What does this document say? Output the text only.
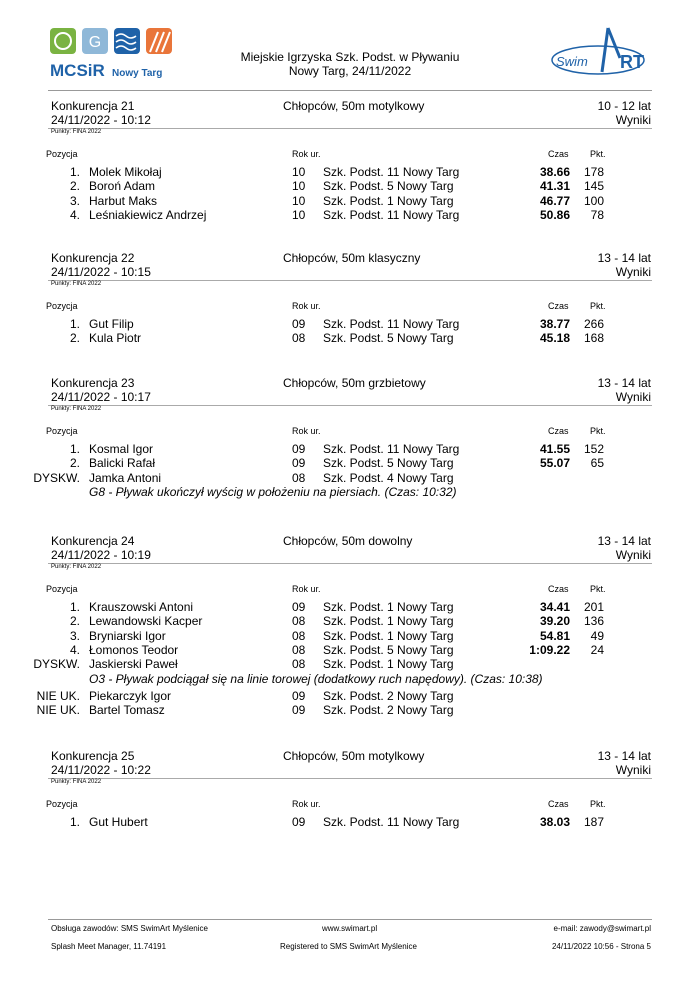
G
MCSiR Nowy Targ
Miejskie Igrzyska Szk. Podst. w Pływaniu
Nowy Targ, 24/11/2022
Swim RT
Konkurencja 21
24/11/2022 - 10:12
Chłopców, 50m motylkowy	10 - 12 lat
Wyniki
Punkty: FINA 2022
Pozycja	Rok ur.	Czas Pkt.
1. Molek Mikołaj	10 Szk. Podst. 11 Nowy Targ	38.66 178
2. Boroń Adam	10 Szk. Podst. 5 Nowy Targ	41.31 145
3. Harbut Maks	10 Szk. Podst. 1 Nowy Targ	46.77 100
4. Leśniakiewicz Andrzej	10 Szk. Podst. 11 Nowy Targ	50.86 78
Konkurencja 22
24/11/2022 - 10:15
Chłopców, 50m klasyczny	13 - 14 lat
Wyniki
Punkty: FINA 2022
Pozycja	Rok ur.	Czas Pkt.
1. Gut Filip	09 Szk. Podst. 11 Nowy Targ	38.77 266
2. Kula Piotr	08 Szk. Podst. 5 Nowy Targ	45.18 168
Konkurencja 23
24/11/2022 - 10:17
Chłopców, 50m grzbietowy	13 - 14 lat
Wyniki
Punkty: FINA 2022
Pozycja	Rok ur.	Czas Pkt.
1. Kosmal Igor	09 Szk. Podst. 11 Nowy Targ	41.55 152
2. Balicki Rafał	09 Szk. Podst. 5 Nowy Targ	55.07 65
DYSKW. Jamka Antoni	08 Szk. Podst. 4 Nowy Targ
G8 - Pływak ukończył wyścig w położeniu na piersiach. (Czas: 10:32)
Konkurencja 24
24/11/2022 - 10:19
Chłopców, 50m dowolny	13 - 14 lat
Wyniki
Punkty: FINA 2022
Pozycja	Rok ur.	Czas Pkt.
1. Krauszowski Antoni	09 Szk. Podst. 1 Nowy Targ	34.41 201
2. Lewandowski Kacper	08 Szk. Podst. 1 Nowy Targ	39.20 136
3. Bryniarski Igor	08 Szk. Podst. 1 Nowy Targ	54.81 49
4. Łomonos Teodor	08 Szk. Podst. 5 Nowy Targ	1:09.22 24
DYSKW. Jaskierski Paweł	08 Szk. Podst. 1 Nowy Targ
O3 - Pływak podciągał się na linie torowej (dodatkowy ruch napędowy). (Czas: 10:38)
NIE UK. Piekarczyk Igor	09 Szk. Podst. 2 Nowy Targ
NIE UK. Bartel Tomasz	09 Szk. Podst. 2 Nowy Targ
Konkurencja 25
24/11/2022 - 10:22
Chłopców, 50m motylkowy	13 - 14 lat
Wyniki
Punkty: FINA 2022
Pozycja	Rok ur.	Czas Pkt.
1. Gut Hubert	09 Szk. Podst. 11 Nowy Targ	38.03 187
Obsługa zawodów: SMS SwimArt Myślenice	www.swimart.pl	e-mail: zawody@swimart.pl
Splash Meet Manager, 11.74191	Registered to SMS SwimArt Myślenice	24/11/2022 10:56 - Strona 5
